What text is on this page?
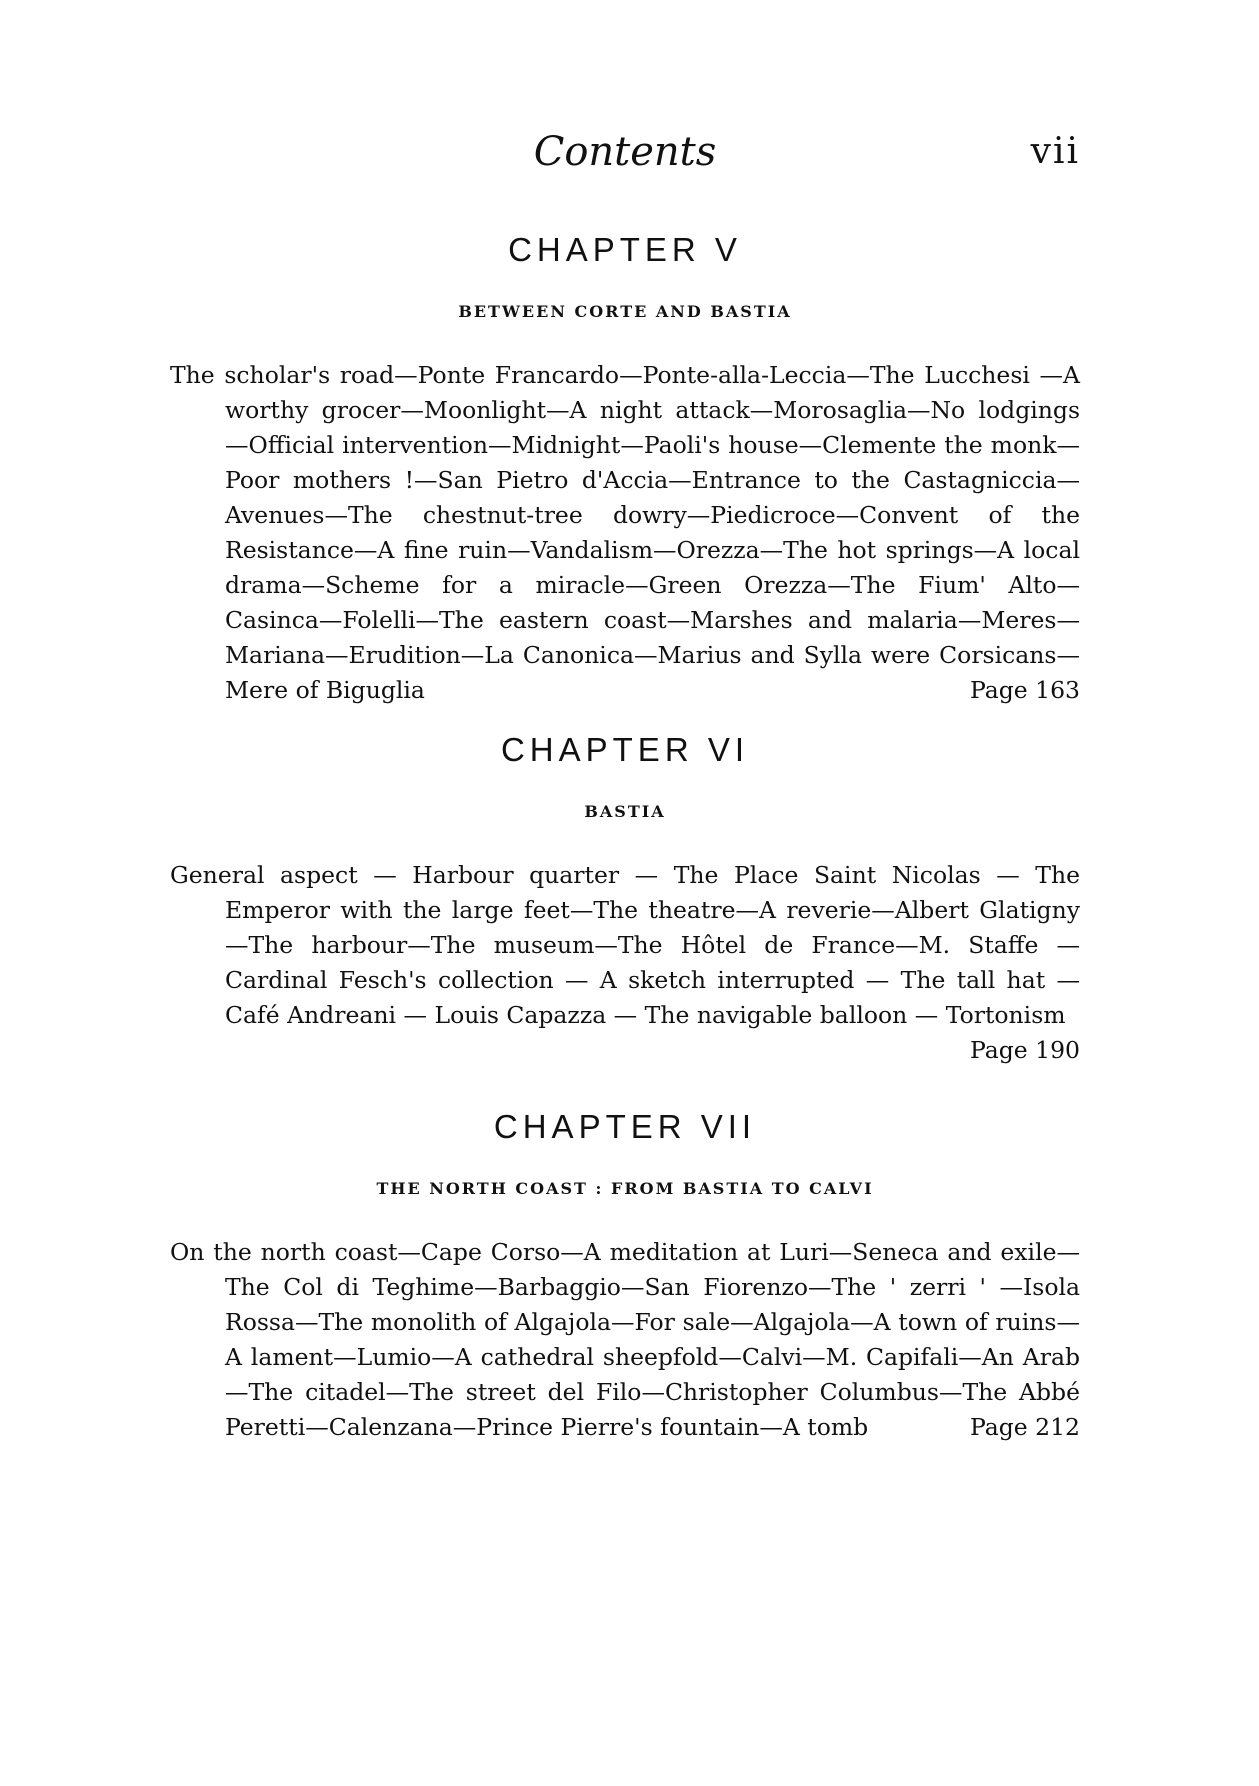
Contents	vii
CHAPTER V
BETWEEN CORTE AND BASTIA

The scholar's road—Ponte Francardo—Ponte-alla-Leccia—The Lucchesi —A worthy grocer—Moonlight—A night attack—Morosaglia—No lodgings—Official intervention—Midnight—Paoli's house—Clemente the monk—Poor mothers !—San Pietro d'Accia—Entrance to the Castagniccia—Avenues—The chestnut-tree dowry—Piedicroce—Convent of the Resistance—A fine ruin—Vandalism—Orezza—The hot springs—A local drama—Scheme for a miracle—Green Orezza—The Fium' Alto—Casinca—Folelli—The eastern coast—Marshes and malaria—Meres—Mariana—Erudition—La Canonica—Marius and Sylla were Corsicans—Mere of Biguglia	Page 163

CHAPTER VI
BASTIA

General aspect — Harbour quarter — The Place Saint Nicolas — The Emperor with the large feet—The theatre—A reverie—Albert Glatigny —The harbour—The museum—The Hôtel de France—M. Staffe — Cardinal Fesch's collection — A sketch interrupted — The tall hat — Café Andreani — Louis Capazza — The navigable balloon — Tortonism
Page 190

CHAPTER VII
THE NORTH COAST : FROM BASTIA TO CALVI

On the north coast—Cape Corso—A meditation at Luri—Seneca and exile—The Col di Teghime—Barbaggio—San Fiorenzo—The ' zerri ' —Isola Rossa—The monolith of Algajola—For sale—Algajola—A town of ruins—A lament—Lumio—A cathedral sheepfold—Calvi—M. Capifali—An Arab—The citadel—The street del Filo—Christopher Columbus—The Abbé Peretti—Calenzana—Prince Pierre's fountain—A tomb	Page 212
